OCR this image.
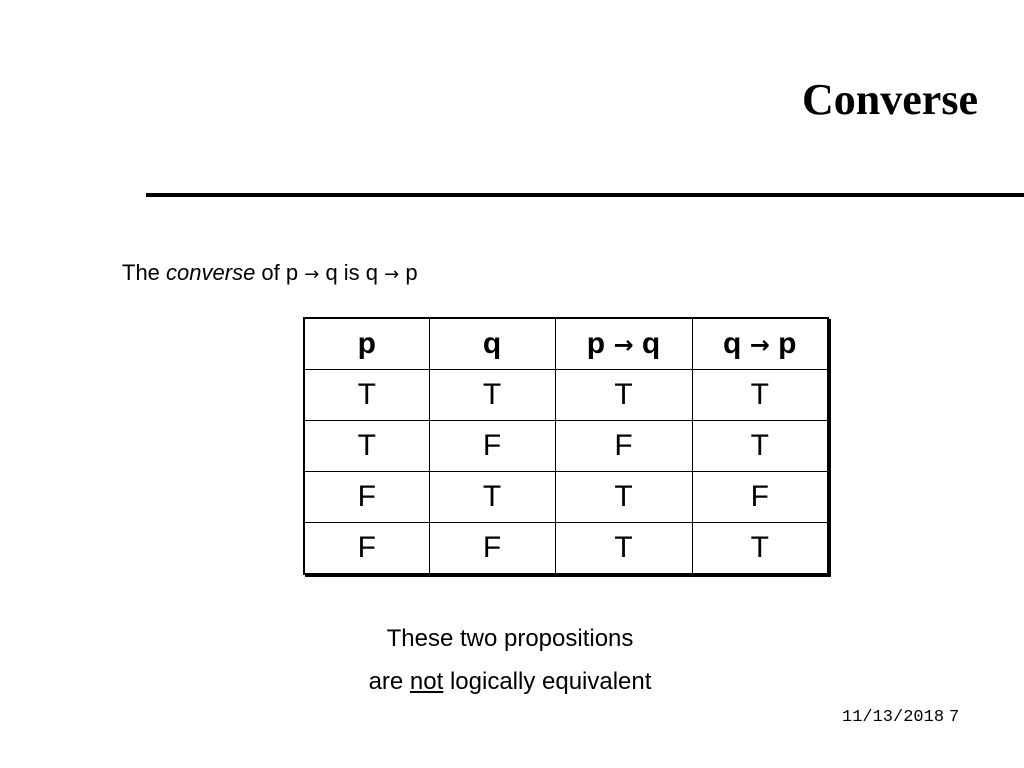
Converse
The converse of p → q is q → p
p	q	p → q	q → p
T	T	T	T
T	F	F	T
F	T	T	F
F	F	T	T
These two propositions
are not logically equivalent
11/13/2018 7
